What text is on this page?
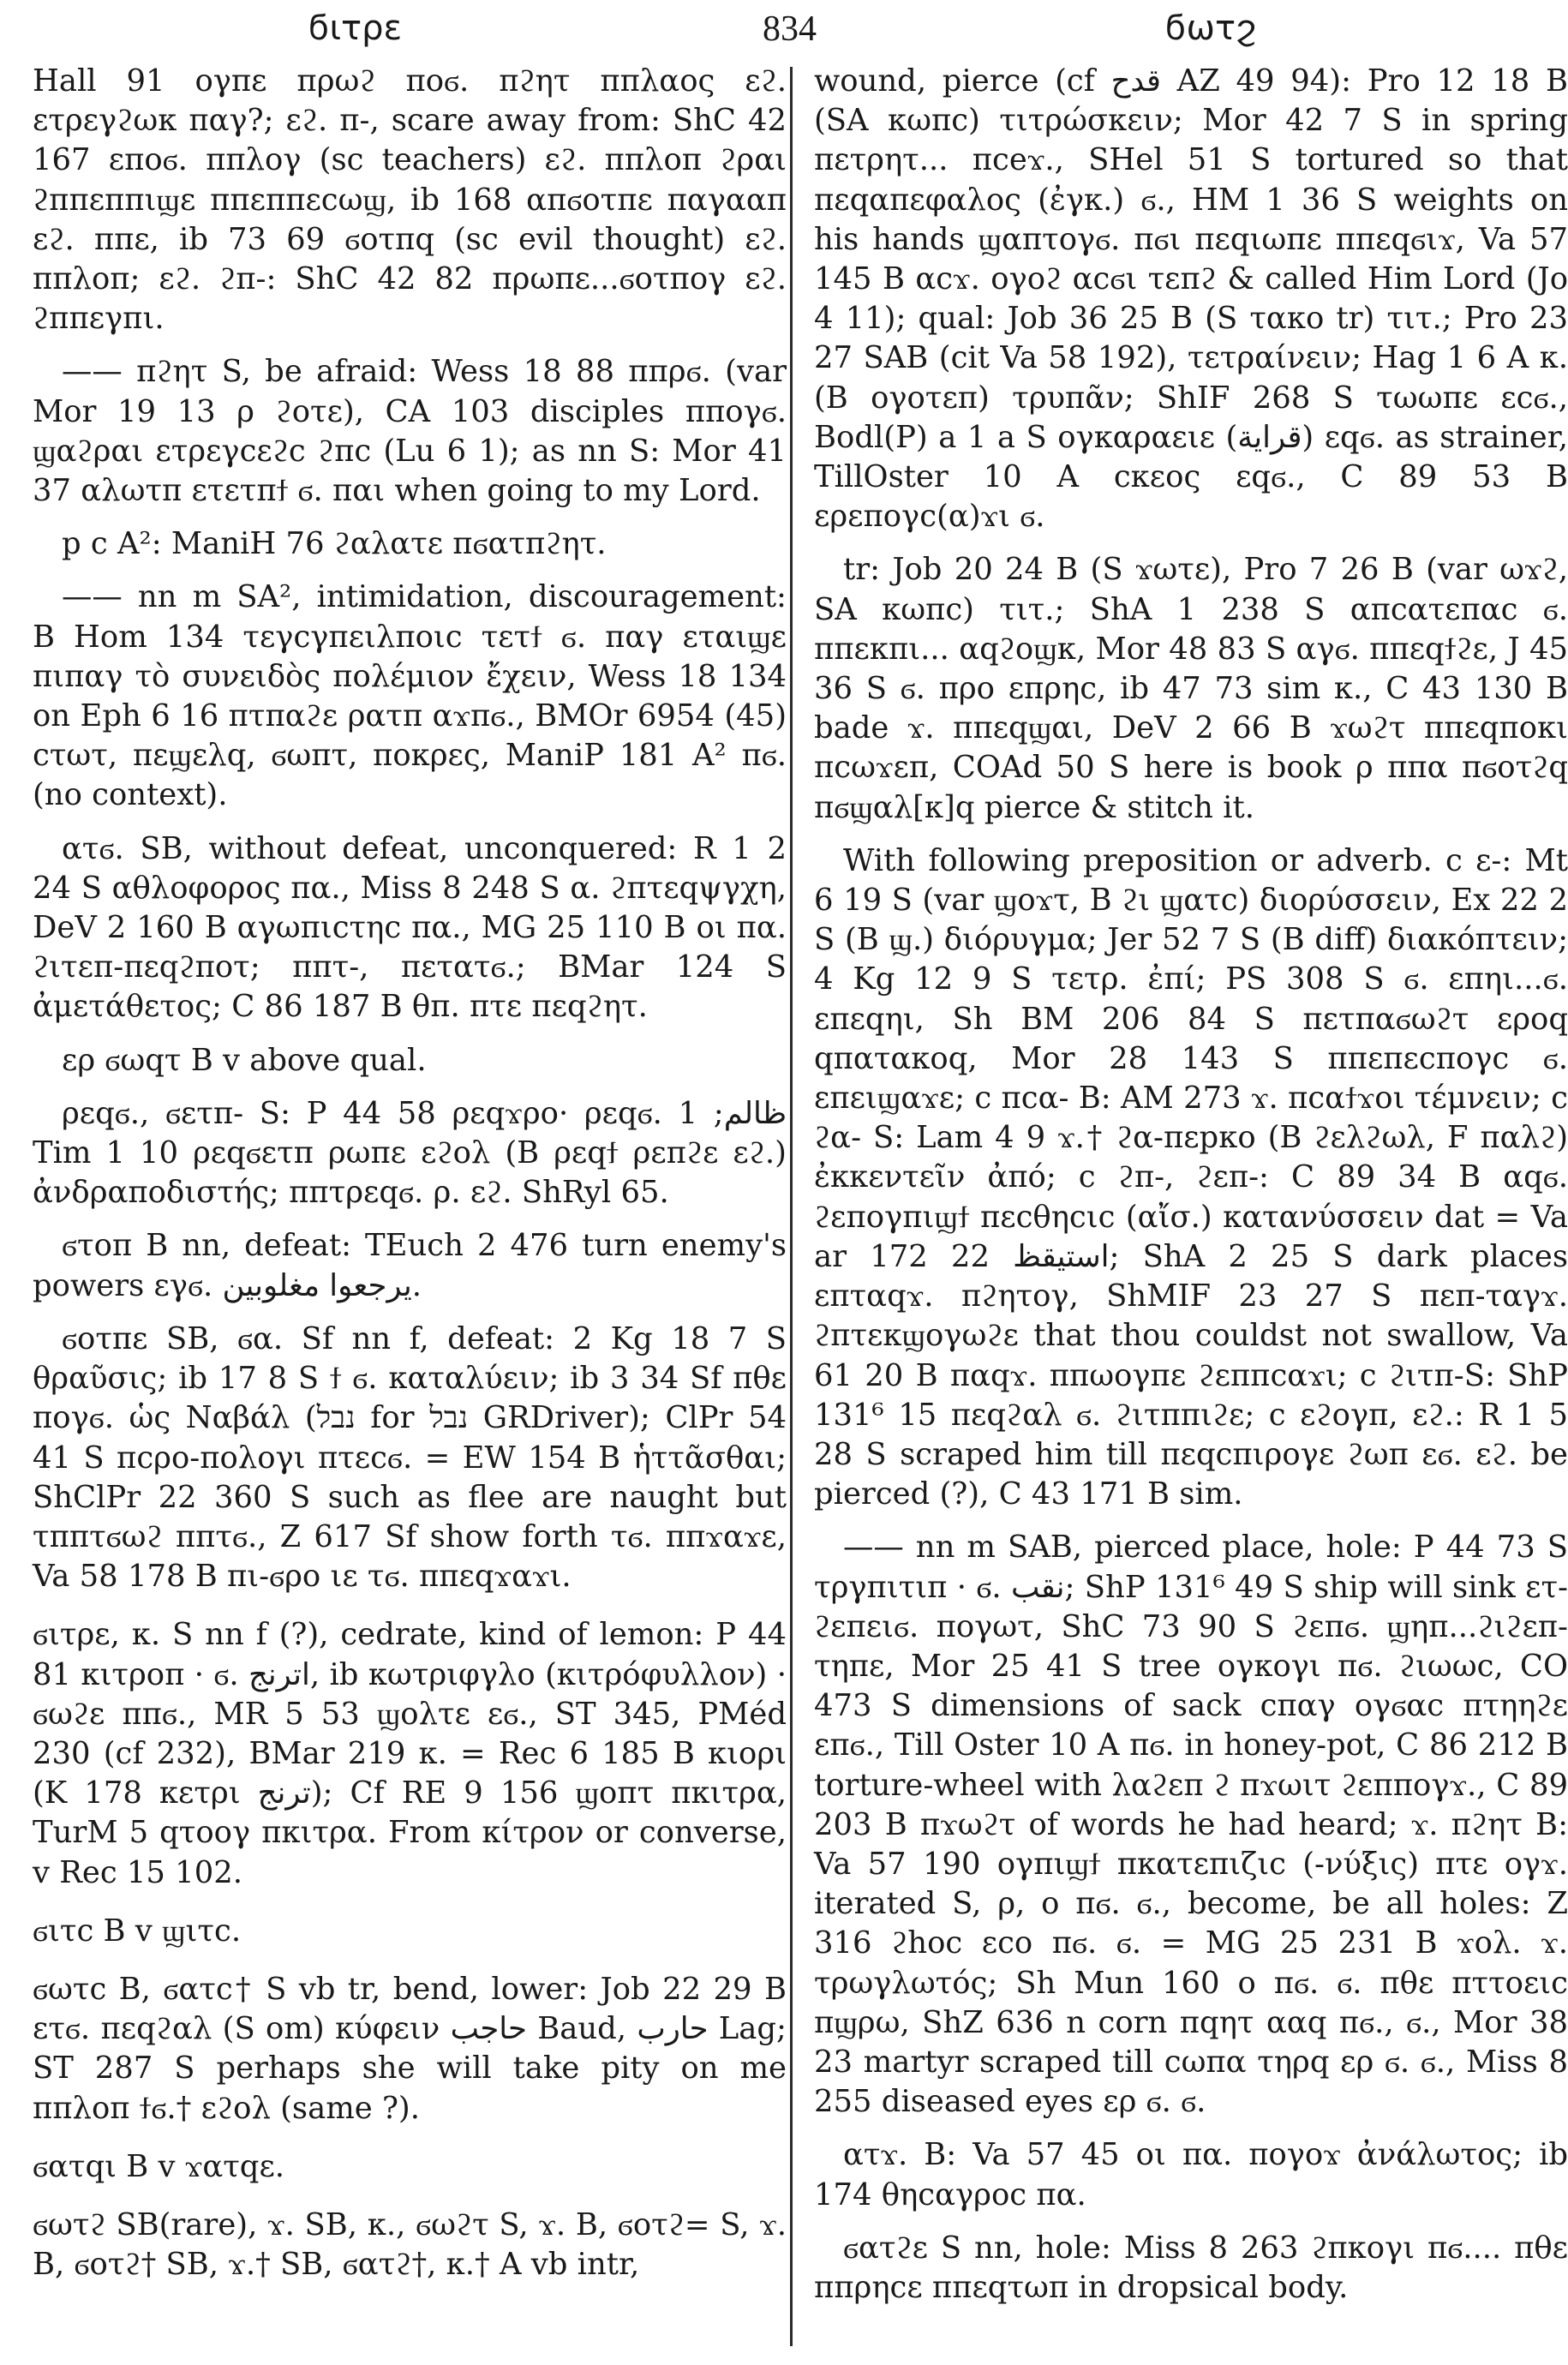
ϭιτρε	834	ϭωτϩ

Hall 91 ογπε πρωϩ ποϭ. πϩητ ππλαος εϩ. ετρεγϩωκ παγ?; εϩ. π-, scare away from: ShC 42 167 εποϭ. ππλογ (sc teachers) εϩ. ππλοπ ϩραι ϩππεππιϣε ππεππεcωϣ, ib 168 απϭοτπε παγααπ εϩ. ππε, ib 73 69 ϭοτπq (sc evil thought) εϩ. ππλοπ; εϩ. ϩπ-: ShC 42 82 πρωπε...ϭοτπογ εϩ. ϩππεγπι.

—— πϩητ S, be afraid: Wess 18 88 ππρϭ. (var Mor 19 13 ρ ϩοτε), CA 103 disciples ππογϭ. ϣαϩραι ετρεγcεϩc ϩπc (Lu 6 1); as nn S: Mor 41 37 αλωτπ ετετπϯ ϭ. παι when going to my Lord.

p c A²: ManiH 76 ϩαλατε πϭατπϩητ.

—— nn m SA², intimidation, discouragement: B Hom 134 τεγcγπειλποιc τετϯ ϭ. παγ εταιϣε πιπαγ τὸ συνειδὸς πολέμιον ἔχειν, Wess 18 134 on Eph 6 16 πτπαϩε ρατπ αϫπϭ., BMOr 6954 (45) cτωτ, πεϣελq, ϭωπτ, ποκρες, ManiP 181 A² πϭ. (no context).

ατϭ. SB, without defeat, unconquered: R 1 2 24 S αθλοφορος πα., Miss 8 248 S α. ϩπτεqψγχη, DeV 2 160 B αγωπιcτηc πα., MG 25 110 B οι πα. ϩιτεπ-πεqϩποτ; ππτ-, πετατϭ.; BMar 124 S ἀμετάθετος; C 86 187 B θπ. πτε πεqϩητ.

ερ ϭωqτ B v above qual.

ρεqϭ., ϭετπ- S: P 44 58 ρεqϫρο· ρεqϭ. ظالم; 1 Tim 1 10 ρεqϭετπ ρωπε εϩολ (B ρεqϯ ρεπϩε εϩ.) ἀνδραποδιστής; ππτρεqϭ. ρ. εϩ. ShRyl 65.

ϭτοπ B nn, defeat: TEuch 2 476 turn enemy's powers εγϭ. يرجعوا مغلوبين.

ϭοτπε SB, ϭα. Sf nn f, defeat: 2 Kg 18 7 S θραῦσις; ib 17 8 S ϯ ϭ. καταλύειν; ib 3 34 Sf πθε πογϭ. ὡς Ναβάλ (נבל for נבל GRDriver); ClPr 54 41 S πcρο-πολογι πτεcϭ. = EW 154 B ἡττᾶσθαι; ShClPr 22 360 S such as flee are naught but τππτϭωϩ ππτϭ., Z 617 Sf show forth τϭ. ππϫαϫε, Va 58 178 B πι-ϭρο ιε τϭ. ππεqϫαϫι.

ϭιτρε, κ. S nn f (?), cedrate, kind of lemon: P 44 81 κιτροπ · ϭ. اترنج, ib κωτριφγλο (κιτρόφυλλον) · ϭωϩε ππϭ., MR 5 53 ϣολτε εϭ., ST 345, PMéd 230 (cf 232), BMar 219 κ. = Rec 6 185 B κιορι (K 178 κετρι ترنج); Cf RE 9 156 ϣοπτ πκιτρα, TurM 5 qτοογ πκιτρα. From κίτρον or converse, v Rec 15 102.

ϭιτc B v ϣιτc.

ϭωτc B, ϭατc† S vb tr, bend, lower: Job 22 29 B ετϭ. πεqϩαλ (S om) κύφειν حاجب Baud, حارب Lag; ST 287 S perhaps she will take pity on me ππλοπ ϯϭ.† εϩολ (same ?).

ϭατqι B v ϫατqε.

ϭωτϩ SB(rare), ϫ. SB, κ., ϭωϩτ S, ϫ. B, ϭοτϩ= S, ϫ. B, ϭοτϩ† SB, ϫ.† SB, ϭατϩ†, κ.† A vb intr,

wound, pierce (cf قدح AZ 49 94): Pro 12 18 B (SA κωπc) τιτρώσκειν; Mor 42 7 S in spring πετρητ... πceϫ., SHel 51 S tortured so that πεqαπεφαλος (ἐγκ.) ϭ., HM 1 36 S weights on his hands ϣαπτογϭ. πϭι πεqιωπε ππεqϭιϫ, Va 57 145 B αcϫ. ογοϩ αcϭι τεπϩ & called Him Lord (Jo 4 11); qual: Job 36 25 B (S τακο tr) τιτ.; Pro 23 27 SAB (cit Va 58 192), τετραίνειν; Hag 1 6 A κ. (B ογοτεπ) τρυπᾶν; ShIF 268 S τωωπε εcϭ., Bodl(P) a 1 a S ογκαραειε (قراية) εqϭ. as strainer, TillOster 10 A cκεος εqϭ., C 89 53 B ερεπογc(α)ϫι ϭ.

tr: Job 20 24 B (S ϫωτε), Pro 7 26 B (var ωϫϩ, SA κωπc) τιτ.; ShA 1 238 S απcατεπαc ϭ. ππεκπι... αqϩοϣκ, Mor 48 83 S αγϭ. ππεqϯϩε, J 45 36 S ϭ. προ επρηc, ib 47 73 sim κ., C 43 130 B bade ϫ. ππεqϣαι, DeV 2 66 B ϫωϩτ ππεqποκι πcωϫεπ, COAd 50 S here is book ρ ππα πϭοτϩq πϭϣαλ[κ]q pierce & stitch it.

With following preposition or adverb. c ε-: Mt 6 19 S (var ϣοϫτ, B ϩι ϣατc) διορύσσειν, Ex 22 2 S (B ϣ.) διόρυγμα; Jer 52 7 S (B diff) διακόπτειν; 4 Kg 12 9 S τετρ. ἐπί; PS 308 S ϭ. επηι...ϭ. επεqηι, Sh BM 206 84 S πετπαϭωϩτ εροq qπατακοq, Mor 28 143 S ππεπεcπογc ϭ. επειϣαϫε; c πcα- B: AM 273 ϫ. πcαϯϫοι τέμνειν; c ϩα- S: Lam 4 9 ϫ.† ϩα-πεpκο (B ϩελϩωλ, F παλϩ) ἐκκεντεῖν ἀπό; c ϩπ-, ϩεπ-: C 89 34 B αqϭ. ϩεπογπιϣϯ πεcθηcιc (αἴσ.) κατανύσσειν dat = Va ar 172 22 استيقظ; ShA 2 25 S dark places επταqϫ. πϩητογ, ShMIF 23 27 S πεπ-ταγϫ. ϩπτεκϣογωϩε that thou couldst not swallow, Va 61 20 B παqϫ. ππωογπε ϩεππcαϫι; c ϩιτπ-S: ShP 131⁶ 15 πεqϩαλ ϭ. ϩιτππιϩε; c εϩογπ, εϩ.: R 1 5 28 S scraped him till πεqcπιρογε ϩωπ εϭ. εϩ. be pierced (?), C 43 171 B sim.

—— nn m SAB, pierced place, hole: P 44 73 S τργπιτιπ · ϭ. نقب; ShP 131⁶ 49 S ship will sink ετ-ϩεπειϭ. πογωτ, ShC 73 90 S ϩεπϭ. ϣηπ...ϩιϩεπ-τηπε, Mor 25 41 S tree ογκογι πϭ. ϩιωωc, CO 473 S dimensions of sack cπαγ ογϭαc πτηηϩε επϭ., Till Oster 10 A πϭ. in honey-pot, C 86 212 B torture-wheel with λαϩεπ ϩ πϫωιτ ϩεππογϫ., C 89 203 B πϫωϩτ of words he had heard; ϫ. πϩητ B: Va 57 190 ογπιϣϯ πκατεπιζιc (-νύξις) πτε ογϫ. iterated S, ρ, ο πϭ. ϭ., become, be all holes: Z 316 ϩhoc εco πϭ. ϭ. = MG 25 231 B ϫολ. ϫ. τρωγλωτός; Sh Mun 160 ο πϭ. ϭ. πθε πττοειc πϣρω, ShZ 636 n corn πqητ ααq πϭ., ϭ., Mor 38 23 martyr scraped till cωπα τηρq ερ ϭ. ϭ., Miss 8 255 diseased eyes ερ ϭ. ϭ.

ατϫ. B: Va 57 45 οι πα. πογοϫ ἀνάλωτος; ib 174 θηcαγροc πα.

ϭατϩε S nn, hole: Miss 8 263 ϩπκογι πϭ.... πθε ππρηcε ππεqτωπ in dropsical body.
